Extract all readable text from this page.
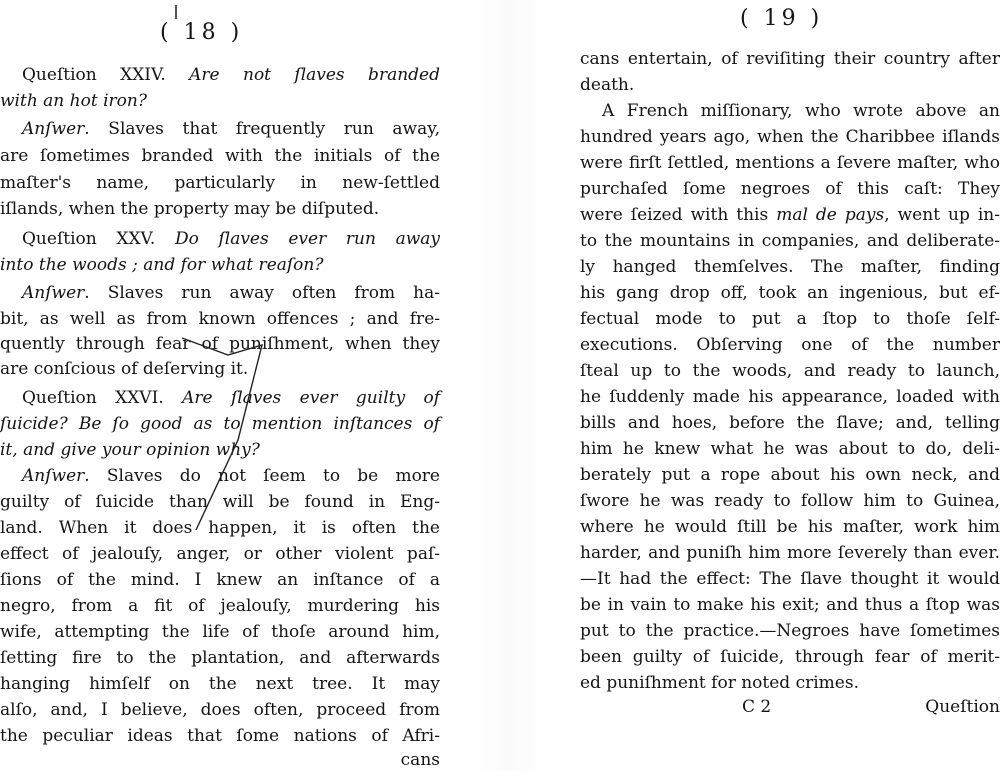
( 18 )
Queſtion XXIV. Are not ſlaves branded
with an hot iron?
Anſwer. Slaves that frequently run away,
are ſometimes branded with the initials of the
maſter's name, particularly in new-ſettled
iſlands, when the property may be diſputed.
Queſtion XXV. Do ſlaves ever run away
into the woods ; and for what reaſon?
Anſwer. Slaves run away often from ha-
bit, as well as from known offences ; and fre-
quently through fear of puniſhment, when they
are conſcious of deſerving it.
Queſtion XXVI. Are ſlaves ever guilty of
ſuicide? Be ſo good as to mention inſtances of
it, and give your opinion why?
Anſwer. Slaves do not ſeem to be more
guilty of ſuicide than will be found in Eng-
land. When it does happen, it is often the
effect of jealouſy, anger, or other violent paſ-
ſions of the mind. I knew an inſtance of a
negro, from a fit of jealouſy, murdering his
wife, attempting the life of thoſe around him,
ſetting fire to the plantation, and afterwards
hanging himſelf on the next tree. It may
alſo, and, I believe, does often, proceed from
the peculiar ideas that ſome nations of Afri-
cans
( 19 )
cans entertain, of reviſiting their country after
death.
A French miſſionary, who wrote above an
hundred years ago, when the Charibbee iſlands
were firſt ſettled, mentions a ſevere maſter, who
purchaſed ſome negroes of this caſt: They
were ſeized with this mal de pays, went up in-
to the mountains in companies, and deliberate-
ly hanged themſelves. The maſter, finding
his gang drop off, took an ingenious, but ef-
fectual mode to put a ſtop to thoſe ſelf-
executions. Obſerving one of the number
ſteal up to the woods, and ready to launch,
he ſuddenly made his appearance, loaded with
bills and hoes, before the ſlave; and, telling
him he knew what he was about to do, deli-
berately put a rope about his own neck, and
ſwore he was ready to follow him to Guinea,
where he would ſtill be his maſter, work him
harder, and puniſh him more ſeverely than ever.
—It had the effect: The ſlave thought it would
be in vain to make his exit; and thus a ſtop was
put to the practice.—Negroes have ſometimes
been guilty of ſuicide, through fear of merit-
ed puniſhment for noted crimes.
C 2	Queſtion
